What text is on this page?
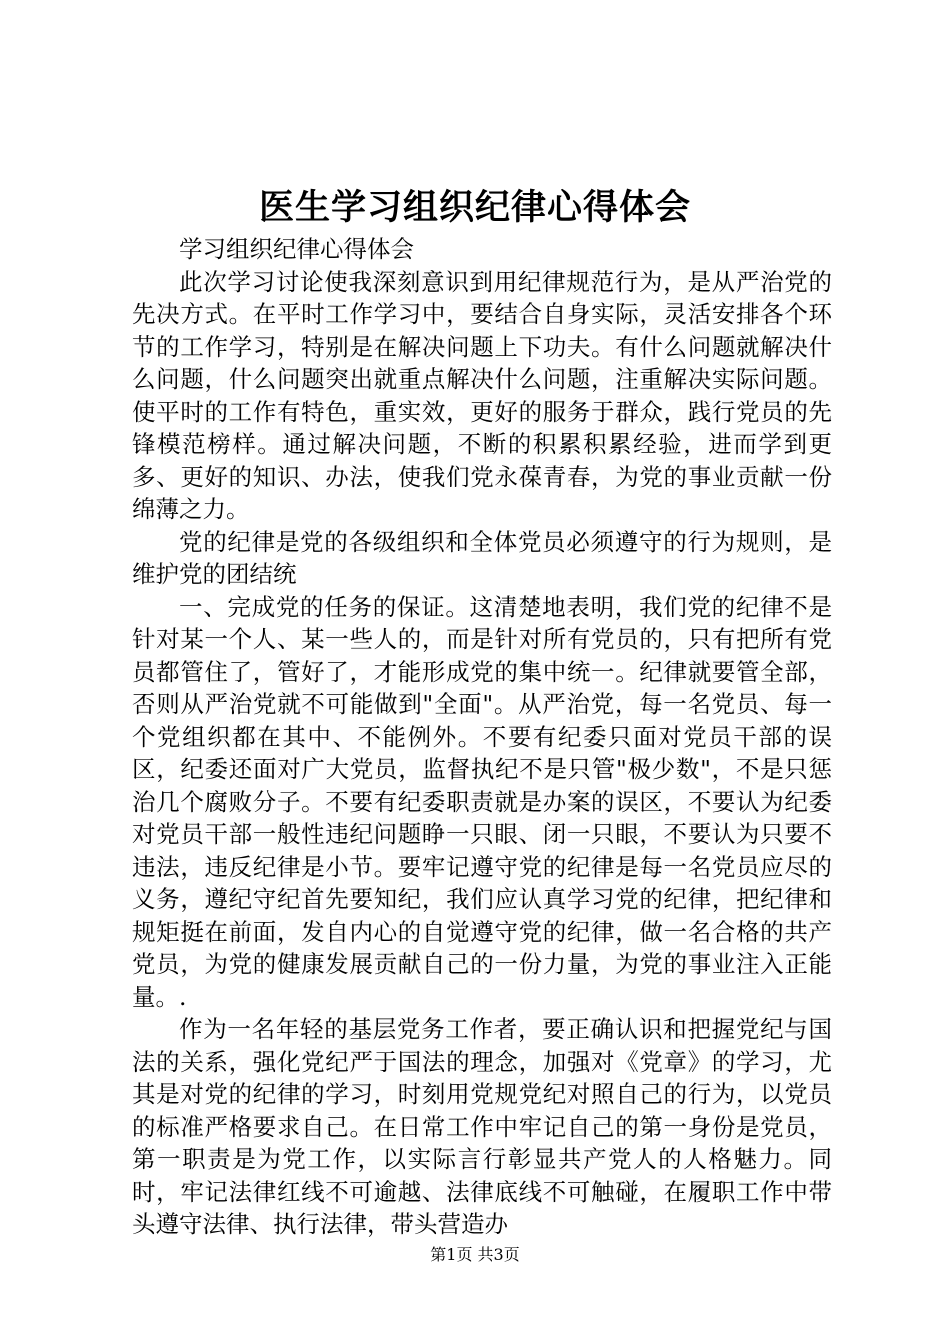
医生学习组织纪律心得体会

学习组织纪律心得体会

此次学习讨论使我深刻意识到用纪律规范行为，是从严治党的先决方式。在平时工作学习中，要结合自身实际，灵活安排各个环节的工作学习，特别是在解决问题上下功夫。有什么问题就解决什么问题，什么问题突出就重点解决什么问题，注重解决实际问题。使平时的工作有特色，重实效，更好的服务于群众，践行党员的先锋模范榜样。通过解决问题，不断的积累积累经验，进而学到更多、更好的知识、办法，使我们党永葆青春，为党的事业贡献一份绵薄之力。

党的纪律是党的各级组织和全体党员必须遵守的行为规则，是维护党的团结统

一、完成党的任务的保证。这清楚地表明，我们党的纪律不是针对某一个人、某一些人的，而是针对所有党员的，只有把所有党员都管住了，管好了，才能形成党的集中统一。纪律就要管全部，否则从严治党就不可能做到"全面"。从严治党，每一名党员、每一个党组织都在其中、不能例外。不要有纪委只面对党员干部的误区，纪委还面对广大党员，监督执纪不是只管"极少数"，不是只惩治几个腐败分子。不要有纪委职责就是办案的误区，不要认为纪委对党员干部一般性违纪问题睁一只眼、闭一只眼，不要认为只要不违法，违反纪律是小节。要牢记遵守党的纪律是每一名党员应尽的义务，遵纪守纪首先要知纪，我们应认真学习党的纪律，把纪律和规矩挺在前面，发自内心的自觉遵守党的纪律，做一名合格的共产党员，为党的健康发展贡献自己的一份力量，为党的事业注入正能量。.

作为一名年轻的基层党务工作者，要正确认识和把握党纪与国法的关系，强化党纪严于国法的理念，加强对《党章》的学习，尤其是对党的纪律的学习，时刻用党规党纪对照自己的行为，以党员的标准严格要求自己。在日常工作中牢记自己的第一身份是党员，第一职责是为党工作，以实际言行彰显共产党人的人格魅力。同时，牢记法律红线不可逾越、法律底线不可触碰，在履职工作中带头遵守法律、执行法律，带头营造办

第1页 共3页
